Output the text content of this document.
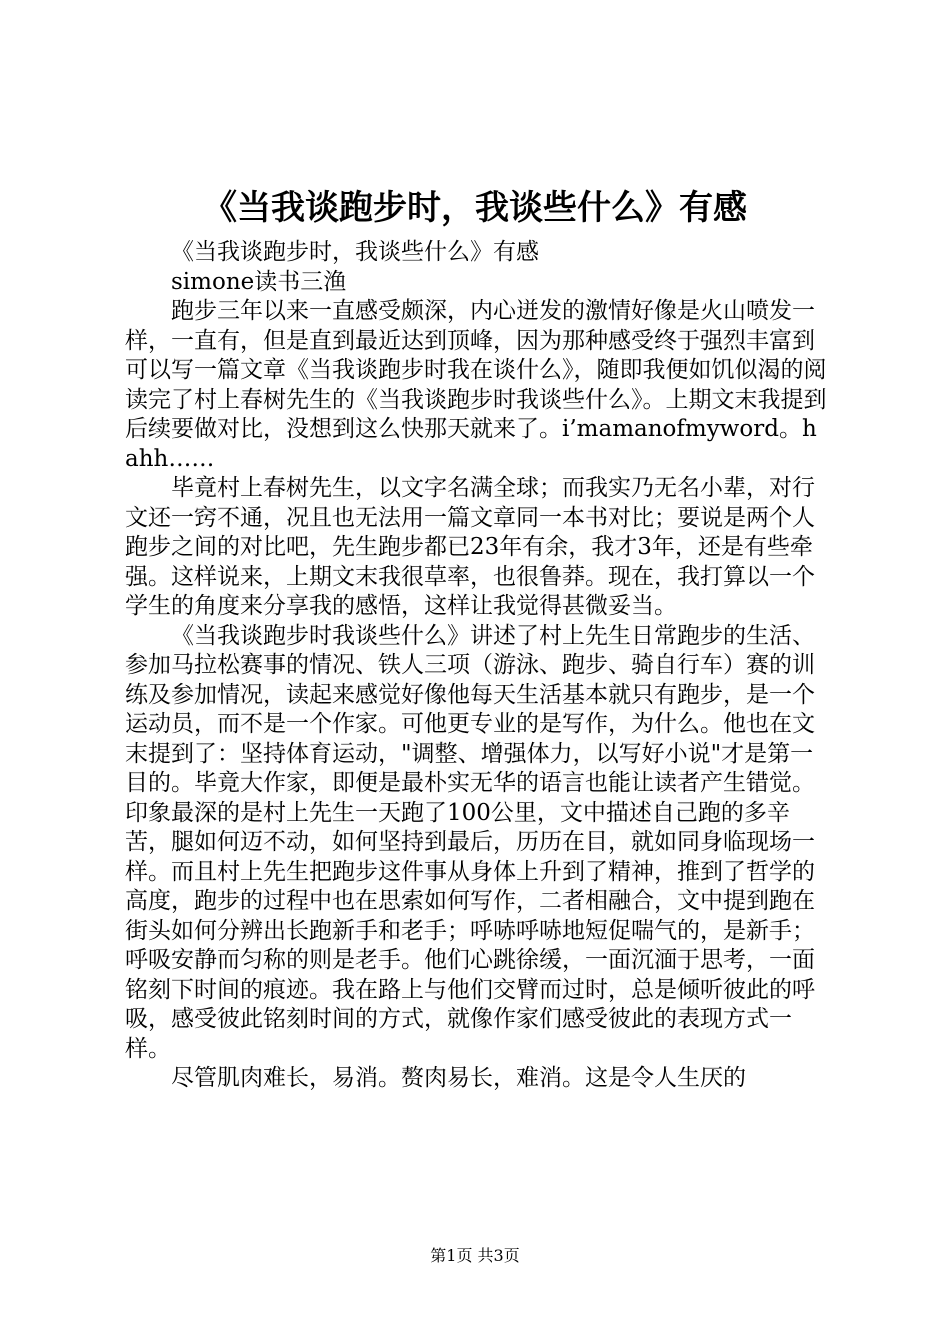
《当我谈跑步时，我谈些什么》有感

《当我谈跑步时，我谈些什么》有感

simone读书三渔

跑步三年以来一直感受颇深，内心迸发的激情好像是火山喷发一样，一直有，但是直到最近达到顶峰，因为那种感受终于强烈丰富到可以写一篇文章《当我谈跑步时我在谈什么》，随即我便如饥似渴的阅读完了村上春树先生的《当我谈跑步时我谈些什么》。上期文末我提到后续要做对比，没想到这么快那天就来了。i’mamanofmyword。hahh……

毕竟村上春树先生，以文字名满全球；而我实乃无名小辈，对行文还一窍不通，况且也无法用一篇文章同一本书对比；要说是两个人跑步之间的对比吧，先生跑步都已23年有余，我才3年，还是有些牵强。这样说来，上期文末我很草率，也很鲁莽。现在，我打算以一个学生的角度来分享我的感悟，这样让我觉得甚微妥当。

《当我谈跑步时我谈些什么》讲述了村上先生日常跑步的生活、参加马拉松赛事的情况、铁人三项（游泳、跑步、骑自行车）赛的训练及参加情况，读起来感觉好像他每天生活基本就只有跑步，是一个运动员，而不是一个作家。可他更专业的是写作，为什么。他也在文末提到了：坚持体育运动，"调整、增强体力，以写好小说"才是第一目的。毕竟大作家，即便是最朴实无华的语言也能让读者产生错觉。印象最深的是村上先生一天跑了100公里，文中描述自己跑的多辛苦，腿如何迈不动，如何坚持到最后，历历在目，就如同身临现场一样。而且村上先生把跑步这件事从身体上升到了精神，推到了哲学的高度，跑步的过程中也在思索如何写作，二者相融合，文中提到跑在街头如何分辨出长跑新手和老手；呼哧呼哧地短促喘气的，是新手；呼吸安静而匀称的则是老手。他们心跳徐缓，一面沉湎于思考，一面铭刻下时间的痕迹。我在路上与他们交臂而过时，总是倾听彼此的呼吸，感受彼此铭刻时间的方式，就像作家们感受彼此的表现方式一样。

尽管肌肉难长，易消。赘肉易长，难消。这是令人生厌的

第1页 共3页
